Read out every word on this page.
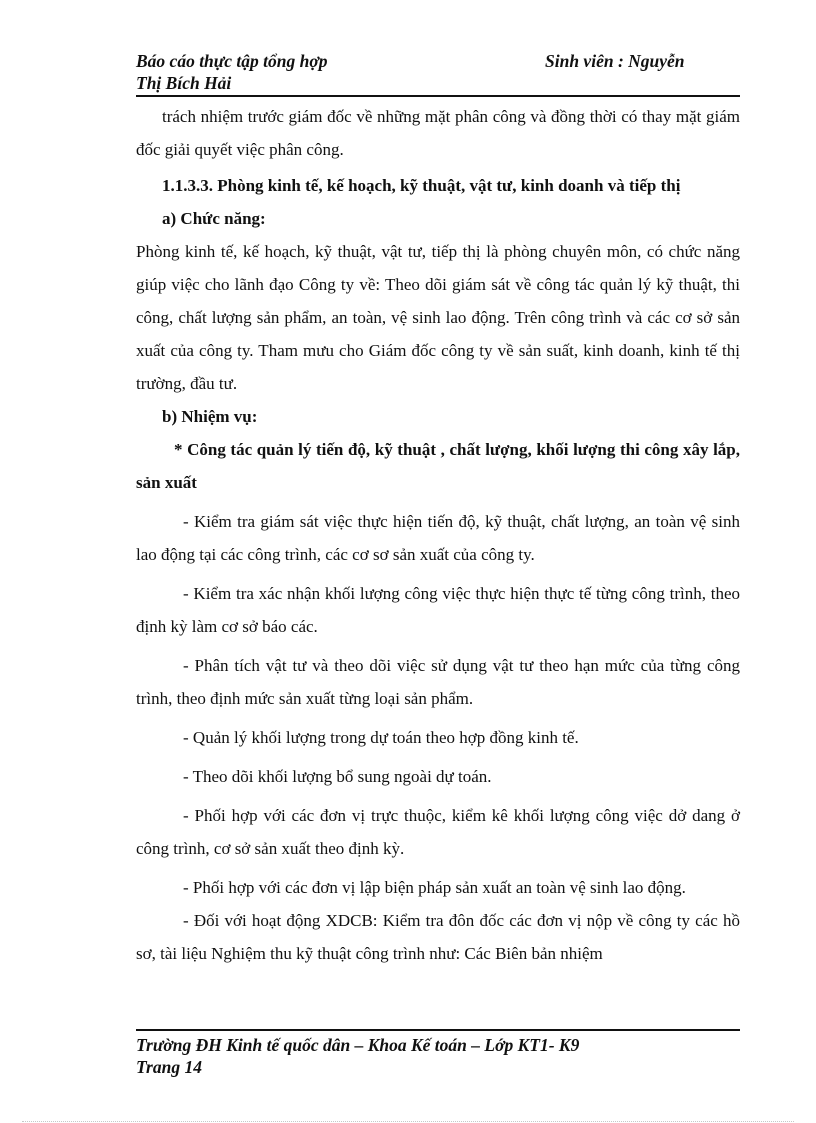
Báo cáo thực tập tổng hợp	Sinh viên : Nguyễn
Thị Bích Hải

trách nhiệm trước giám đốc về những mặt phân công và đồng thời có thay mặt giám đốc giải quyết việc phân công.

1.1.3.3. Phòng kinh tế, kế hoạch, kỹ thuật, vật tư, kinh doanh và tiếp thị

a) Chức năng:

Phòng kinh tế, kế hoạch, kỹ thuật, vật tư, tiếp thị là phòng chuyên môn, có chức năng giúp việc cho lãnh đạo Công ty về: Theo dõi giám sát về công tác quản lý kỹ thuật, thi công, chất lượng sản phẩm, an toàn, vệ sinh lao động. Trên công trình và các cơ sở sản xuất của công ty. Tham mưu cho Giám đốc công ty về sản suất, kinh doanh, kinh tế thị trường, đầu tư.

b) Nhiệm vụ:

* Công tác quản lý tiến độ, kỹ thuật , chất lượng, khối lượng thi công xây lắp, sản xuất

- Kiểm tra giám sát việc thực hiện tiến độ, kỹ thuật, chất lượng, an toàn vệ sinh lao động tại các công trình, các cơ sơ sản xuất của công ty.

- Kiểm tra xác nhận khối lượng công việc thực hiện thực tế từng công trình, theo định kỳ làm cơ sở báo các.

- Phân tích vật tư và theo dõi việc sử dụng vật tư theo hạn mức của từng công trình, theo định mức sản xuất từng loại sản phẩm.

- Quản lý khối lượng trong dự toán theo hợp đồng kinh tế.

- Theo dõi khối lượng bổ sung ngoài dự toán.

- Phối hợp với các đơn vị trực thuộc, kiểm kê khối lượng công việc dở dang ở công trình, cơ sở sản xuất theo định kỳ.

- Phối hợp với các đơn vị lập biện pháp sản xuất an toàn vệ sinh lao động.

- Đối với hoạt động XDCB: Kiểm tra đôn đốc các đơn vị nộp về công ty các hồ sơ, tài liệu Nghiệm thu kỹ thuật công trình như: Các Biên bản nhiệm

Trường ĐH Kinh tế quốc dân – Khoa Kế toán – Lớp KT1- K9
Trang 14
